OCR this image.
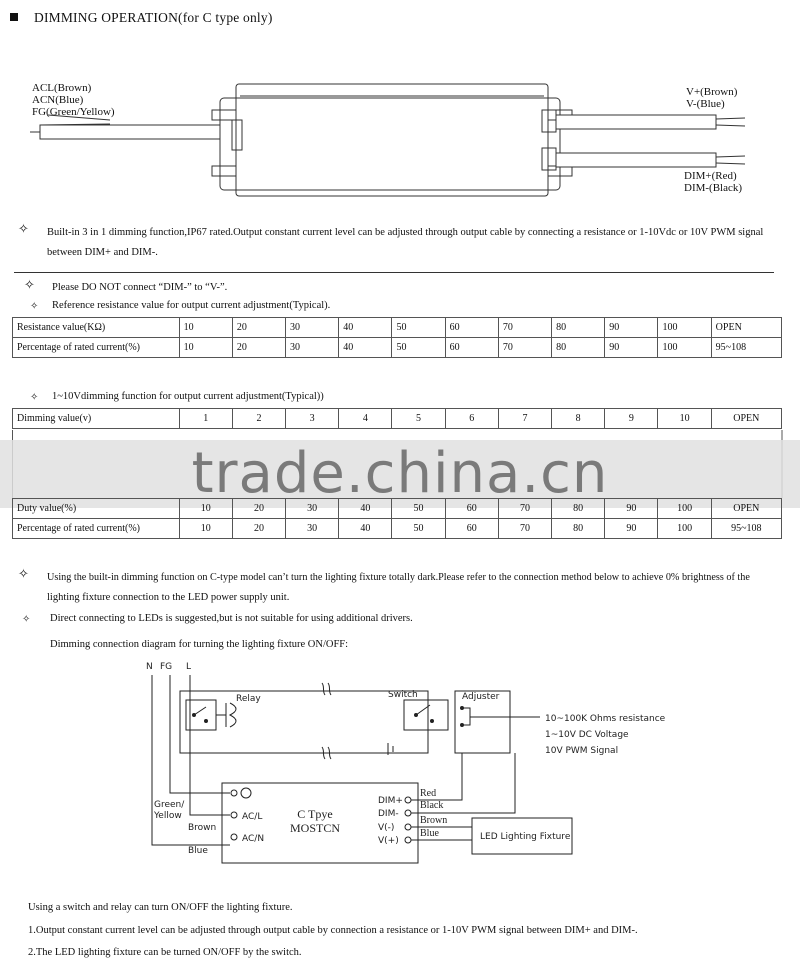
DIMMING OPERATION(for C type only)
ACL(Brown)
ACN(Blue)
FG(Green/Yellow)
V+(Brown)
V-(Blue)
DIM+(Red)
DIM-(Black)
✧ Built-in 3 in 1 dimming function,IP67 rated.Output constant current level can be adjusted through output cable by connecting a resistance or 1-10Vdc or 10V PWM signal
between DIM+ and DIM-.
✧ Please DO NOT connect “DIM-” to “V-”.
✧ Reference resistance value for output current adjustment(Typical).
Resistance value(KΩ)	10	20	30	40	50	60	70	80	90	100	OPEN
Percentage of rated current(%)	10	20	30	40	50	60	70	80	90	100	95~108
✧ 1~10Vdimming function for output current adjustment(Typical))
Dimming value(v)	1	2	3	4	5	6	7	8	9	10	OPEN
trade.china.cn
Duty value(%)	10	20	30	40	50	60	70	80	90	100	OPEN
Percentage of rated current(%)	10	20	30	40	50	60	70	80	90	100	95~108
✧ Using the built-in dimming function on C-type model can’t turn the lighting fixture totally dark.Please refer to the connection method below to achieve 0% brightness of the
lighting fixture connection to the LED power supply unit.
✧ Direct connecting to LEDs is suggested,but is not suitable for using additional drivers.
Dimming connection diagram for turning the lighting fixture ON/OFF:
N FG L
Relay	Switch	Adjuster
10~100K Ohms resistance
1~10V DC Voltage
10V PWM Signal
Green/
Yellow
Brown
Blue
AC/L
AC/N
DIM+
DIM-
V(-)
V(+)	LED Lighting Fixture
Red
Black
Brown
Blue
C Tpye
MOSTCN
Using a switch and relay can turn ON/OFF the lighting fixture.
1.Output constant current level can be adjusted through output cable by connection a resistance or 1-10V PWM signal between DIM+ and DIM-.
2.The LED lighting fixture can be turned ON/OFF by the switch.
